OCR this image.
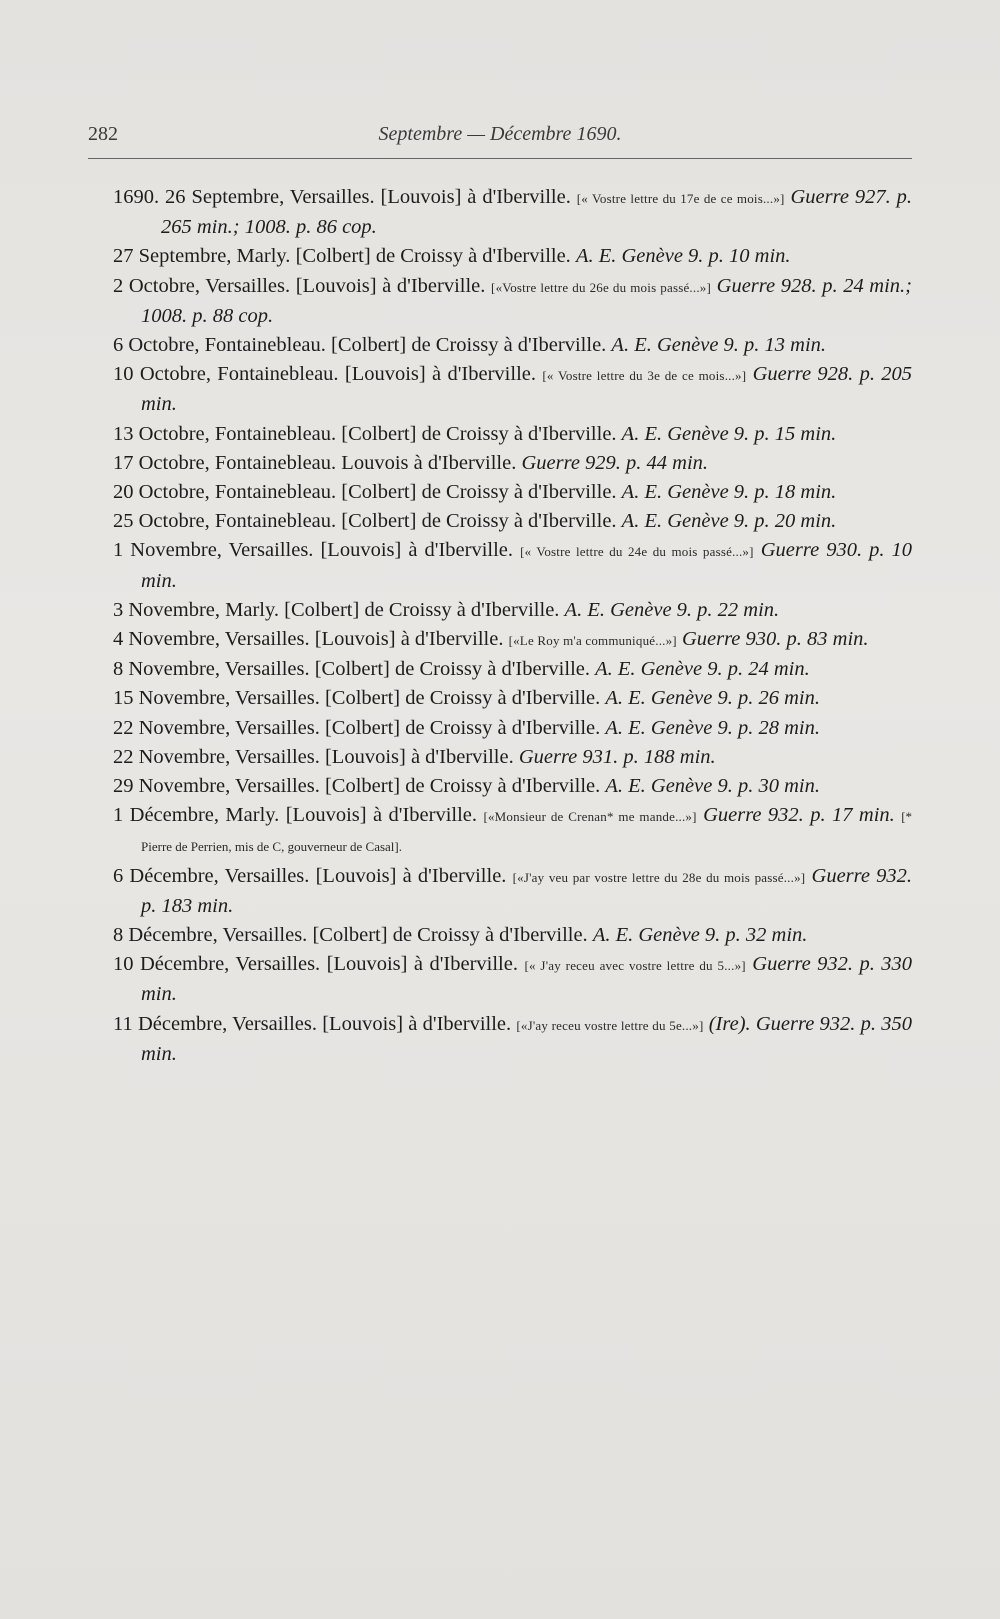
282	Septembre — Décembre 1690.

1690. 26 Septembre, Versailles. [Louvois] à d'Iberville. [« Vostre lettre du 17e de ce mois...»] Guerre 927. p. 265 min.; 1008. p. 86 cop.

27 Septembre, Marly. [Colbert] de Croissy à d'Iberville. A. E. Genève 9. p. 10 min.

2 Octobre, Versailles. [Louvois] à d'Iberville. [«Vostre lettre du 26e du mois passé...»] Guerre 928. p. 24 min.; 1008. p. 88 cop.

6 Octobre, Fontainebleau. [Colbert] de Croissy à d'Iberville. A. E. Genève 9. p. 13 min.

10 Octobre, Fontainebleau. [Louvois] à d'Iberville. [« Vostre lettre du 3e de ce mois...»] Guerre 928. p. 205 min.

13 Octobre, Fontainebleau. [Colbert] de Croissy à d'Iberville. A. E. Genève 9. p. 15 min.

17 Octobre, Fontainebleau. Louvois à d'Iberville. Guerre 929. p. 44 min.

20 Octobre, Fontainebleau. [Colbert] de Croissy à d'Iberville. A. E. Genève 9. p. 18 min.

25 Octobre, Fontainebleau. [Colbert] de Croissy à d'Iberville. A. E. Genève 9. p. 20 min.

1 Novembre, Versailles. [Louvois] à d'Iberville. [« Vostre lettre du 24e du mois passé...»] Guerre 930. p. 10 min.

3 Novembre, Marly. [Colbert] de Croissy à d'Iberville. A. E. Genève 9. p. 22 min.

4 Novembre, Versailles. [Louvois] à d'Iberville. [«Le Roy m'a communiqué...»] Guerre 930. p. 83 min.

8 Novembre, Versailles. [Colbert] de Croissy à d'Iberville. A. E. Genève 9. p. 24 min.

15 Novembre, Versailles. [Colbert] de Croissy à d'Iberville. A. E. Genève 9. p. 26 min.

22 Novembre, Versailles. [Colbert] de Croissy à d'Iberville. A. E. Genève 9. p. 28 min.

22 Novembre, Versailles. [Louvois] à d'Iberville. Guerre 931. p. 188 min.

29 Novembre, Versailles. [Colbert] de Croissy à d'Iberville. A. E. Genève 9. p. 30 min.

1 Décembre, Marly. [Louvois] à d'Iberville. [«Monsieur de Crenan* me mande...»] Guerre 932. p. 17 min. [* Pierre de Perrien, mis de C, gouverneur de Casal].

6 Décembre, Versailles. [Louvois] à d'Iberville. [«J'ay veu par vostre lettre du 28e du mois passé...»] Guerre 932. p. 183 min.

8 Décembre, Versailles. [Colbert] de Croissy à d'Iberville. A. E. Genève 9. p. 32 min.

10 Décembre, Versailles. [Louvois] à d'Iberville. [« J'ay receu avec vostre lettre du 5...»] Guerre 932. p. 330 min.

11 Décembre, Versailles. [Louvois] à d'Iberville. [«J'ay receu vostre lettre du 5e...»] (Ire). Guerre 932. p. 350 min.
